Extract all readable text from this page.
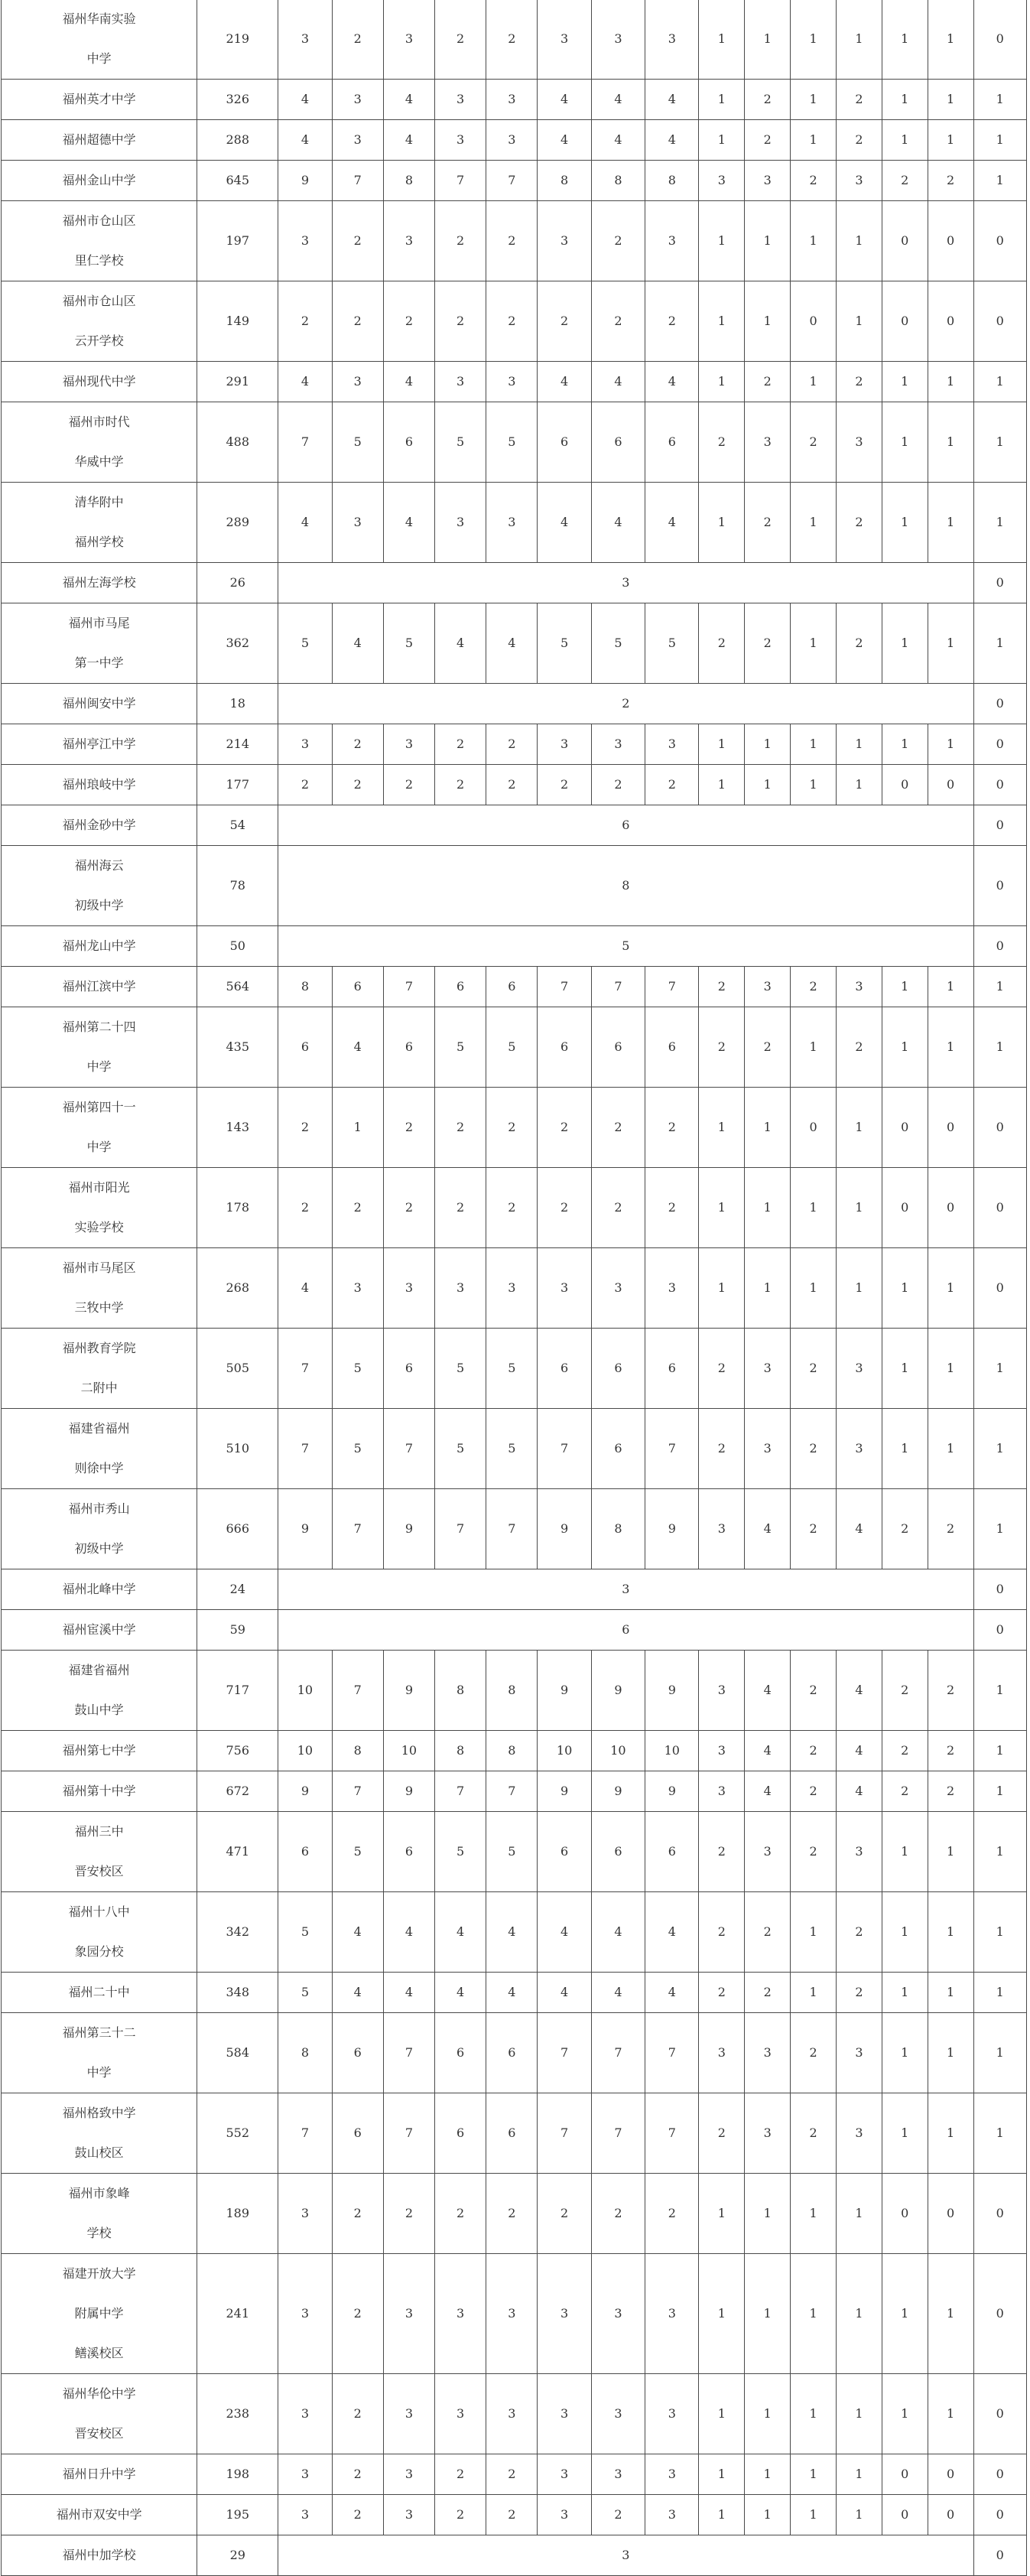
福州华南实验
中学	219	3	2	3	2	2	3	3	3	1	1	1	1	1	1	0

福州英才中学	326	4	3	4	3	3	4	4	4	1	2	1	2	1	1	1

福州超德中学	288	4	3	4	3	3	4	4	4	1	2	1	2	1	1	1

福州金山中学	645	9	7	8	7	7	8	8	8	3	3	2	3	2	2	1

福州市仓山区
里仁学校	197	3	2	3	2	2	3	2	3	1	1	1	1	0	0	0

福州市仓山区
云开学校	149	2	2	2	2	2	2	2	2	1	1	0	1	0	0	0

福州现代中学	291	4	3	4	3	3	4	4	4	1	2	1	2	1	1	1

福州市时代
华威中学	488	7	5	6	5	5	6	6	6	2	3	2	3	1	1	1

清华附中
福州学校	289	4	3	4	3	3	4	4	4	1	2	1	2	1	1	1

福州左海学校	26	3														0

福州市马尾
第一中学	362	5	4	5	4	4	5	5	5	2	2	1	2	1	1	1

福州闽安中学	18	2														0

福州亭江中学	214	3	2	3	2	2	3	3	3	1	1	1	1	1	1	0

福州琅岐中学	177	2	2	2	2	2	2	2	2	1	1	1	1	0	0	0

福州金砂中学	54	6														0

福州海云
初级中学	78	8														0

福州龙山中学	50	5														0

福州江滨中学	564	8	6	7	6	6	7	7	7	2	3	2	3	1	1	1

福州第二十四
中学	435	6	4	6	5	5	6	6	6	2	2	1	2	1	1	1

福州第四十一
中学	143	2	1	2	2	2	2	2	2	1	1	0	1	0	0	0

福州市阳光
实验学校	178	2	2	2	2	2	2	2	2	1	1	1	1	0	0	0

福州市马尾区
三牧中学	268	4	3	3	3	3	3	3	3	1	1	1	1	1	1	0

福州教育学院
二附中	505	7	5	6	5	5	6	6	6	2	3	2	3	1	1	1

福建省福州
则徐中学	510	7	5	7	5	5	7	6	7	2	3	2	3	1	1	1

福州市秀山
初级中学	666	9	7	9	7	7	9	8	9	3	4	2	4	2	2	1

福州北峰中学	24	3														0

福州宦溪中学	59	6														0

福建省福州
鼓山中学	717	10	7	9	8	8	9	9	9	3	4	2	4	2	2	1

福州第七中学	756	10	8	10	8	8	10	10	10	3	4	2	4	2	2	1

福州第十中学	672	9	7	9	7	7	9	9	9	3	4	2	4	2	2	1

福州三中
晋安校区	471	6	5	6	5	5	6	6	6	2	3	2	3	1	1	1

福州十八中
象园分校	342	5	4	4	4	4	4	4	4	2	2	1	2	1	1	1

福州二十中	348	5	4	4	4	4	4	4	4	2	2	1	2	1	1	1

福州第三十二
中学	584	8	6	7	6	6	7	7	7	3	3	2	3	1	1	1

福州格致中学
鼓山校区	552	7	6	7	6	6	7	7	7	2	3	2	3	1	1	1

福州市象峰
学校	189	3	2	2	2	2	2	2	2	1	1	1	1	0	0	0

福建开放大学
附属中学
鳝溪校区	241	3	2	3	3	3	3	3	3	1	1	1	1	1	1	0

福州华伦中学
晋安校区	238	3	2	3	3	3	3	3	3	1	1	1	1	1	1	0

福州日升中学	198	3	2	3	2	2	3	3	3	1	1	1	1	0	0	0

福州市双安中学	195	3	2	3	2	2	3	2	3	1	1	1	1	0	0	0

福州中加学校	29	3														0
